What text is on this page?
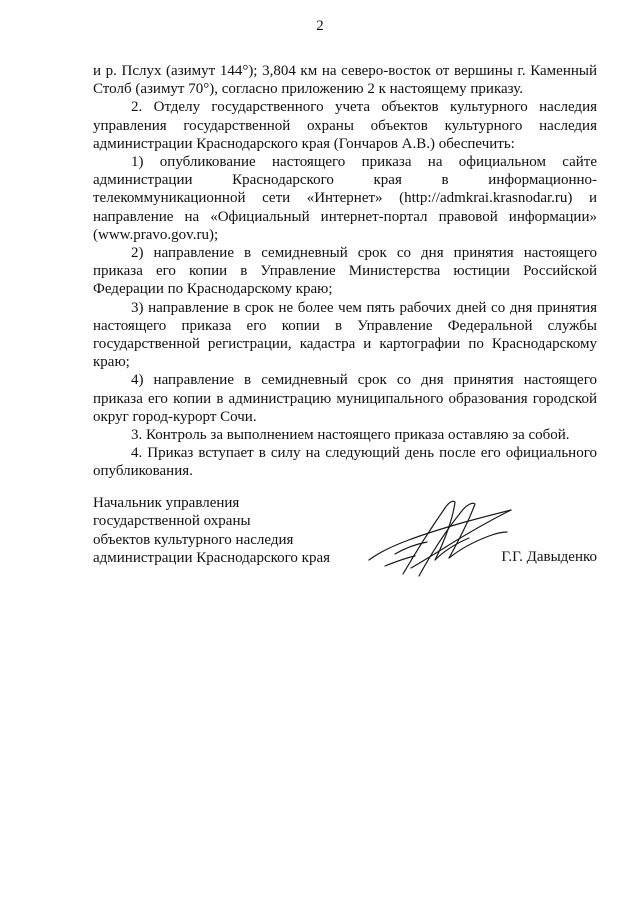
2

и р. Пслух (азимут 144°); 3,804 км на северо-восток от вершины г. Каменный Столб (азимут 70°), согласно приложению 2 к настоящему приказу.

2. Отделу государственного учета объектов культурного наследия управления государственной охраны объектов культурного наследия администрации Краснодарского края (Гончаров А.В.) обеспечить:

1) опубликование настоящего приказа на официальном сайте администрации Краснодарского края в информационно-телекоммуникационной сети «Интернет» (http://admkrai.krasnodar.ru) и направление на «Официальный интернет-портал правовой информации» (www.pravo.gov.ru);

2) направление в семидневный срок со дня принятия настоящего приказа его копии в Управление Министерства юстиции Российской Федерации по Краснодарскому краю;

3) направление в срок не более чем пять рабочих дней со дня принятия настоящего приказа его копии в Управление Федеральной службы государственной регистрации, кадастра и картографии по Краснодарскому краю;

4) направление в семидневный срок со дня принятия настоящего приказа его копии в администрацию муниципального образования городской округ город-курорт Сочи.

3. Контроль за выполнением настоящего приказа оставляю за собой.

4. Приказ вступает в силу на следующий день после его официального опубликования.

Начальник управления
государственной охраны
объектов культурного наследия
администрации Краснодарского края	Г.Г. Давыденко
